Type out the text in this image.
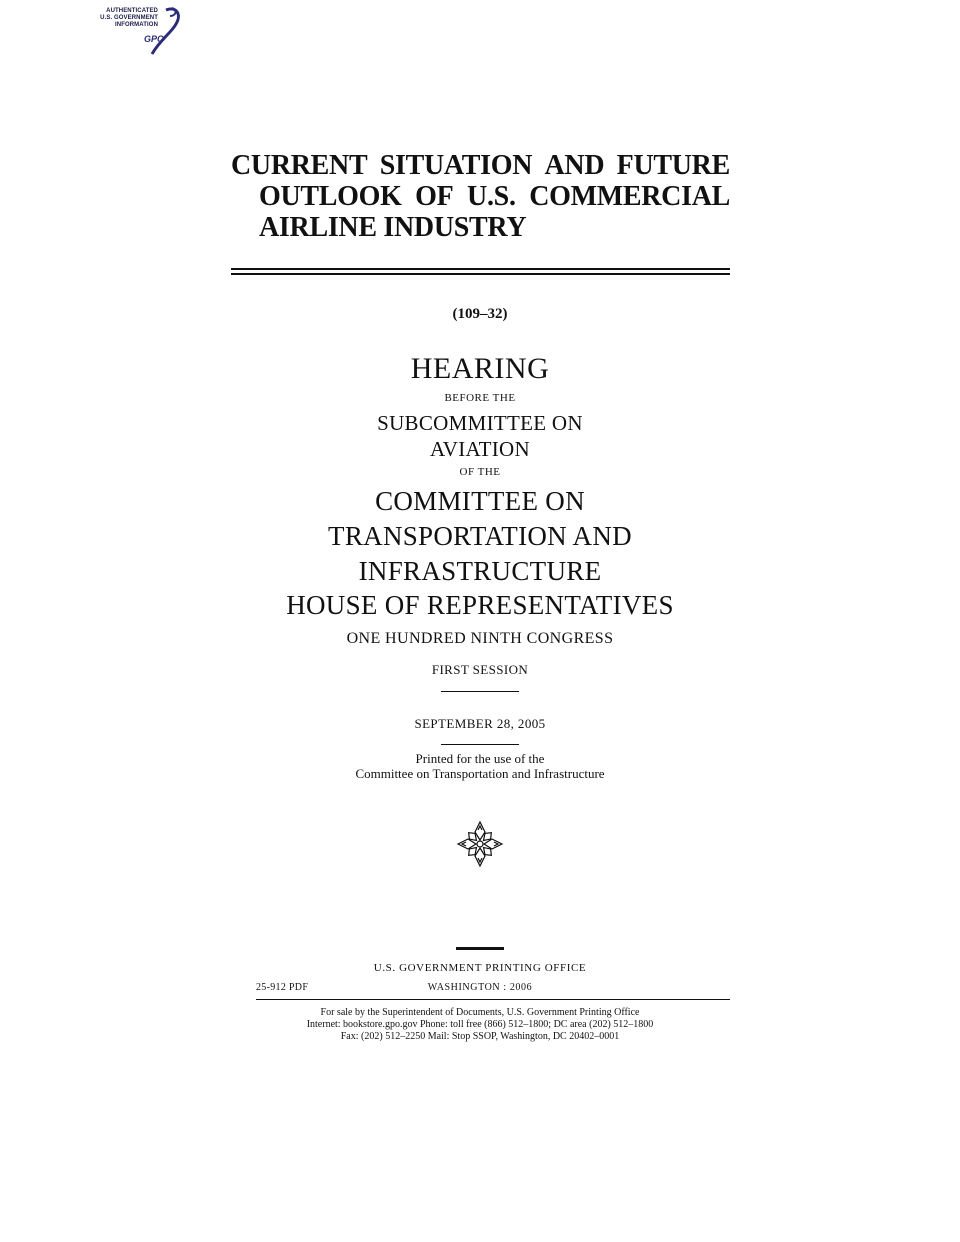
AUTHENTICATED
U.S. GOVERNMENT
INFORMATION
GPO
CURRENT SITUATION AND FUTURE
OUTLOOK OF U.S. COMMERCIAL
AIRLINE INDUSTRY
(109–32)
HEARING
BEFORE THE
SUBCOMMITTEE ON
AVIATION
OF THE
COMMITTEE ON
TRANSPORTATION AND
INFRASTRUCTURE
HOUSE OF REPRESENTATIVES
ONE HUNDRED NINTH CONGRESS
FIRST SESSION
SEPTEMBER 28, 2005
Printed for the use of the
Committee on Transportation and Infrastructure
U.S. GOVERNMENT PRINTING OFFICE
25-912 PDF	WASHINGTON : 2006
For sale by the Superintendent of Documents, U.S. Government Printing Office
Internet: bookstore.gpo.gov Phone: toll free (866) 512–1800; DC area (202) 512–1800
Fax: (202) 512–2250 Mail: Stop SSOP, Washington, DC 20402–0001
